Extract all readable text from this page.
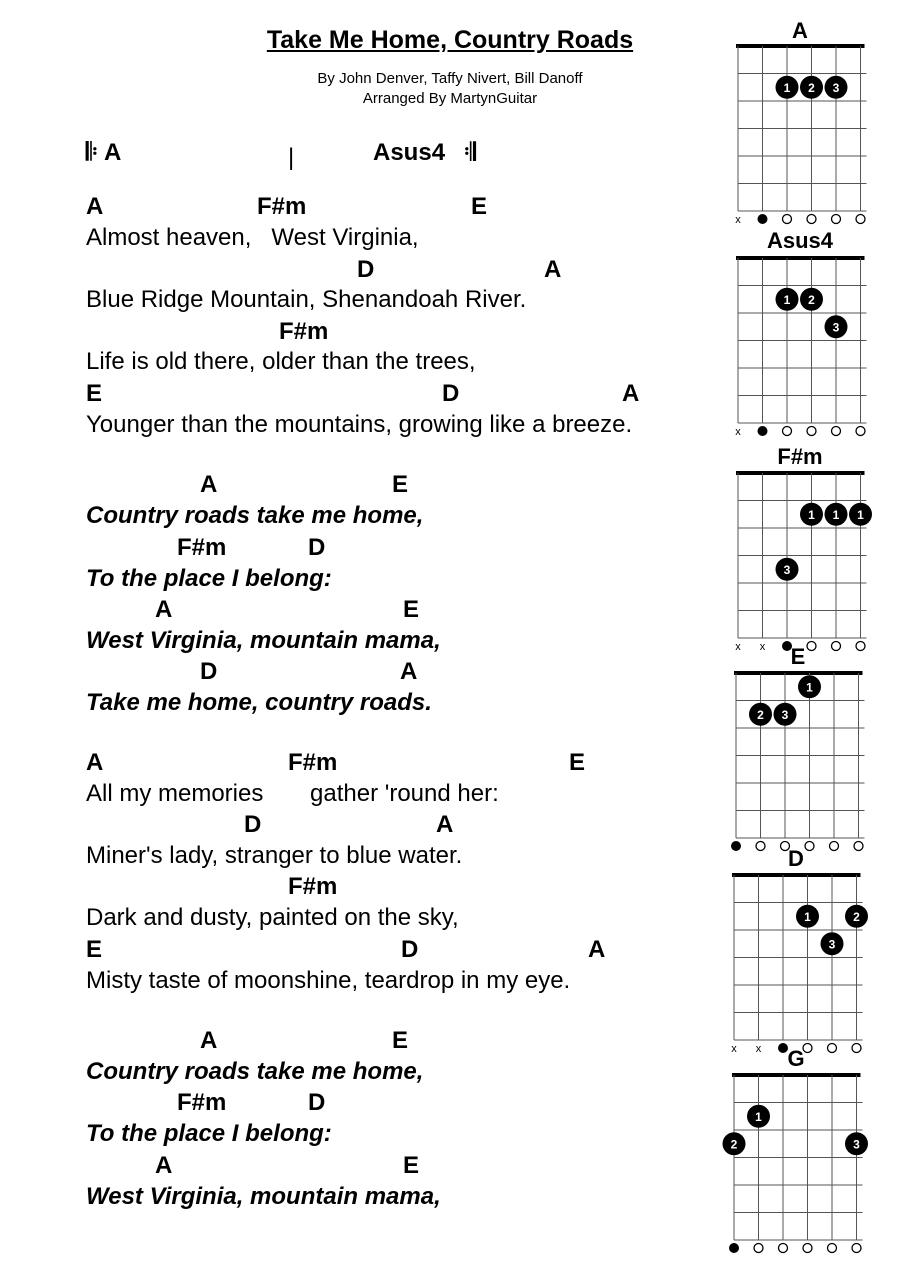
Take Me Home, Country Roads
By John Denver, Taffy Nivert, Bill Danoff
Arranged By MartynGuitar
𝄆 A	|	Asus4 𝄇
A	F#m	E
Almost heaven,   West Virginia,
D	A
Blue Ridge Mountain, Shenandoah River.
F#m
Life is old there, older than the trees,
E	D	A
Younger than the mountains, growing like a breeze.
A	E
Country roads take me home,
F#m	D
To the place I belong:
A	E
West Virginia, mountain mama,
D	A
Take me home, country roads.
A	F#m	E
All my memories       gather 'round her:
D	A
Miner's lady, stranger to blue water.
F#m
Dark and dusty, painted on the sky,
E	D	A
Misty taste of moonshine, teardrop in my eye.
A	E
Country roads take me home,
F#m	D
To the place I belong:
A	E
West Virginia, mountain mama,
A
x
1 2 3
Asus4
x
1 2
3
F#m
x x
1 1 1
3
E
1
2 3
D
x x
1	2
3
G
1
2	3
